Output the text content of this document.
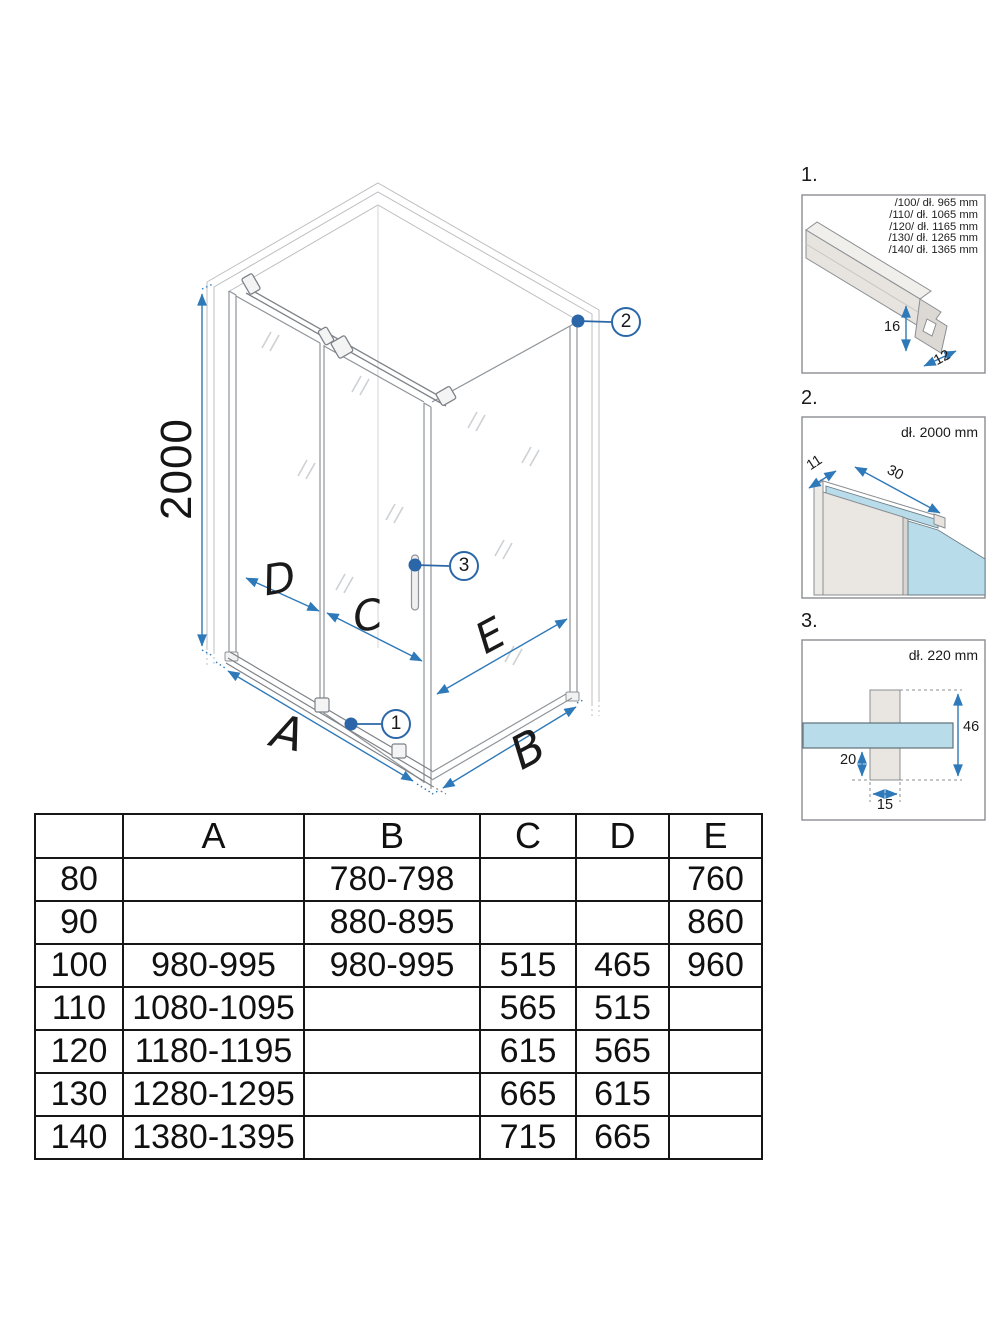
2000
D
C E
A	B
1
2
3
1.
/100/ dł. 965 mm
/110/ dł. 1065 mm
/120/ dł. 1165 mm
/130/ dł. 1265 mm
/140/ dł. 1365 mm
16
12
2.
dł. 2000 mm
11	30
3.
dł. 220 mm
46
20
15
	A	B	C	D	E
80		780-798			760
90		880-895			860
100	980-995	980-995	515	465	960
110	1080-1095		565	515	
120	1180-1195		615	565	
130	1280-1295		665	615	
140	1380-1395		715	665	
